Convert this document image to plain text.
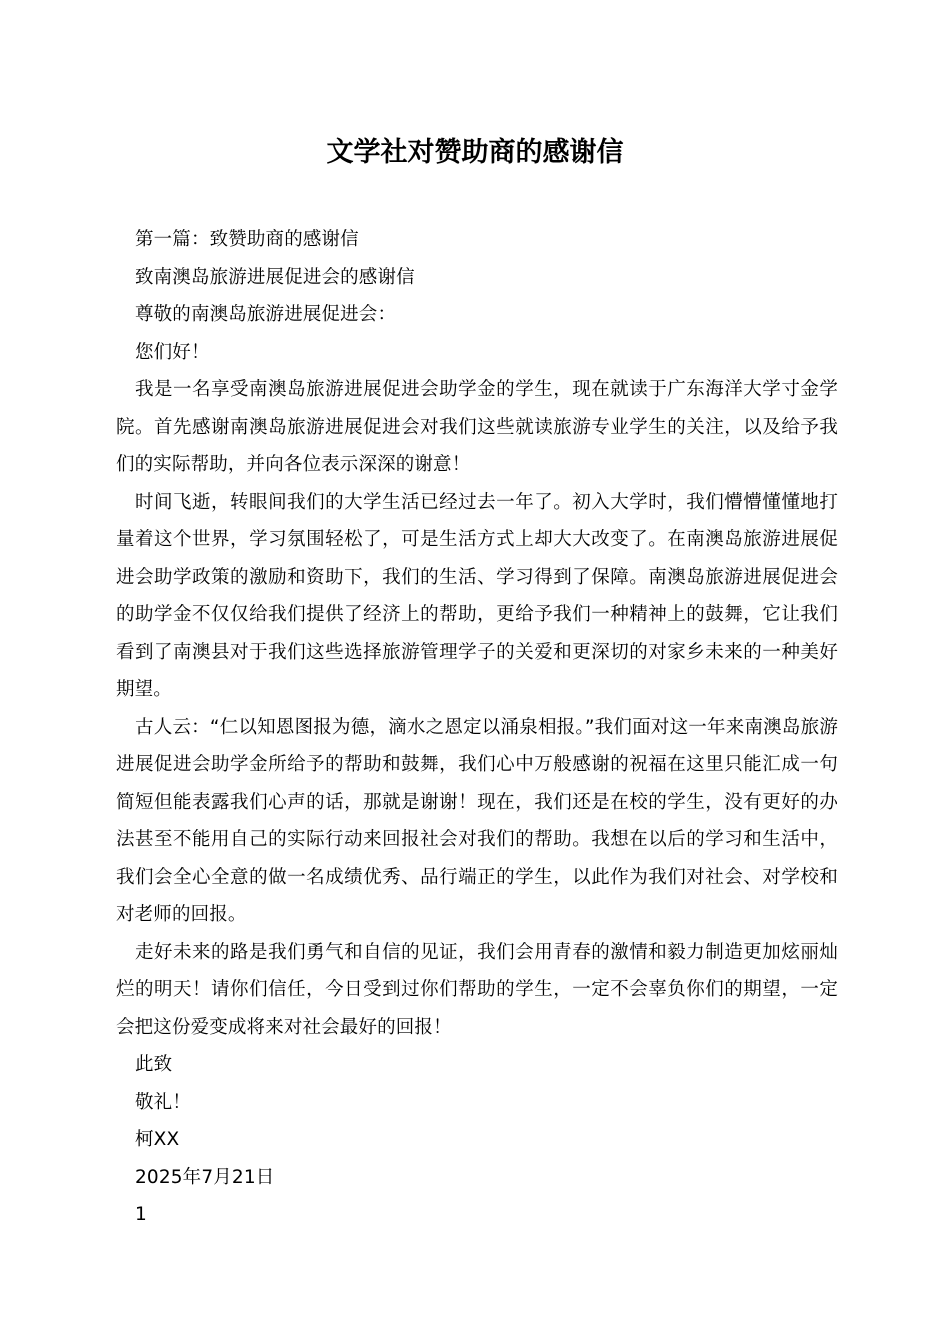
文学社对赞助商的感谢信

第一篇：致赞助商的感谢信

致南澳岛旅游进展促进会的感谢信

尊敬的南澳岛旅游进展促进会：

您们好！

我是一名享受南澳岛旅游进展促进会助学金的学生，现在就读于广东海洋大学寸金学院。首先感谢南澳岛旅游进展促进会对我们这些就读旅游专业学生的关注，以及给予我们的实际帮助，并向各位表示深深的谢意！

时间飞逝，转眼间我们的大学生活已经过去一年了。初入大学时，我们懵懵懂懂地打量着这个世界，学习氛围轻松了，可是生活方式上却大大改变了。在南澳岛旅游进展促进会助学政策的激励和资助下，我们的生活、学习得到了保障。南澳岛旅游进展促进会的助学金不仅仅给我们提供了经济上的帮助，更给予我们一种精神上的鼓舞，它让我们看到了南澳县对于我们这些选择旅游管理学子的关爱和更深切的对家乡未来的一种美好期望。

古人云：“仁以知恩图报为德，滴水之恩定以涌泉相报。”我们面对这一年来南澳岛旅游进展促进会助学金所给予的帮助和鼓舞，我们心中万般感谢的祝福在这里只能汇成一句简短但能表露我们心声的话，那就是谢谢！现在，我们还是在校的学生，没有更好的办法甚至不能用自己的实际行动来回报社会对我们的帮助。我想在以后的学习和生活中，我们会全心全意的做一名成绩优秀、品行端正的学生，以此作为我们对社会、对学校和对老师的回报。

走好未来的路是我们勇气和自信的见证，我们会用青春的激情和毅力制造更加炫丽灿烂的明天！请你们信任，今日受到过你们帮助的学生，一定不会辜负你们的期望，一定会把这份爱变成将来对社会最好的回报！

此致

敬礼！

柯XX

2025年7月21日

1
